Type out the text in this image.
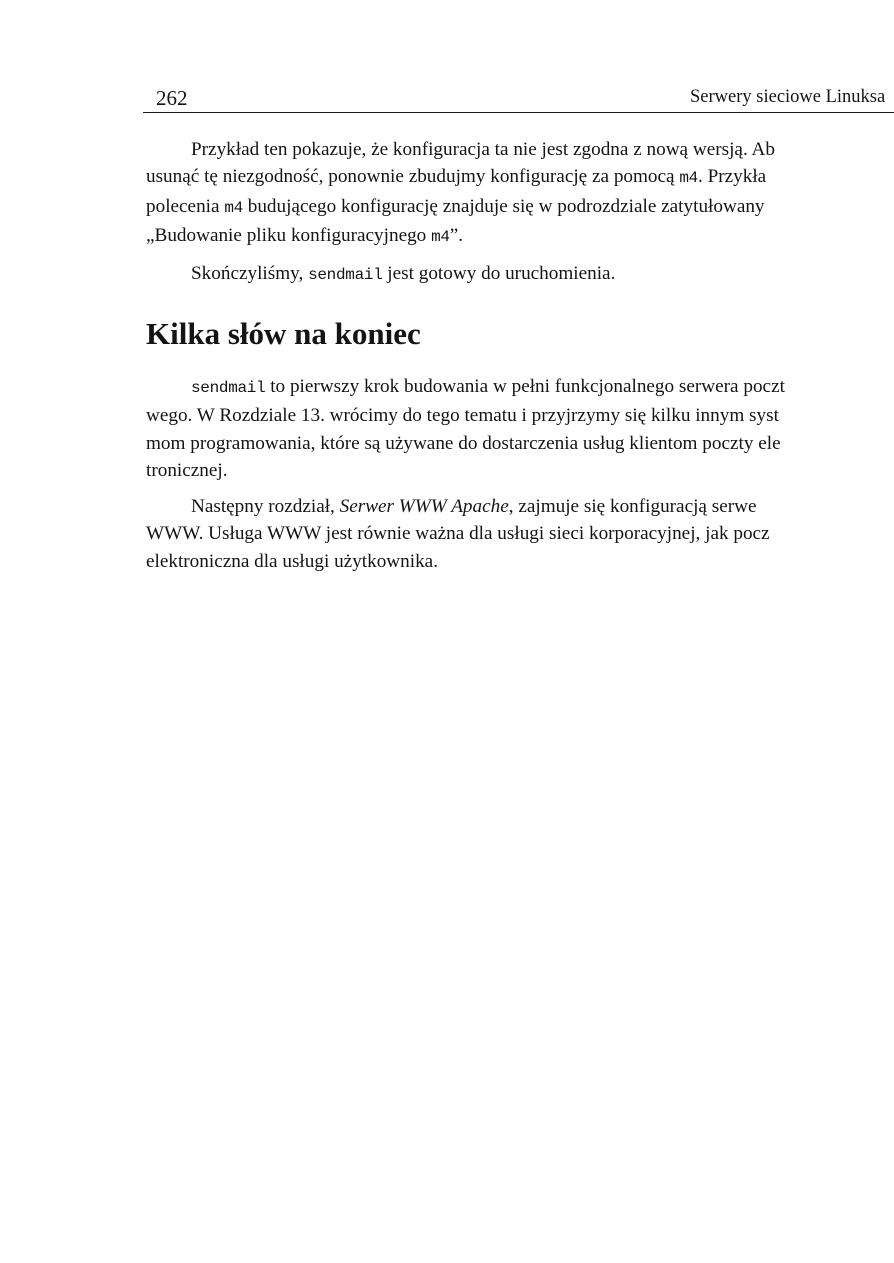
262	Serwery sieciowe Linuksa
Przykład ten pokazuje, że konfiguracja ta nie jest zgodna z nową wersją. Ab
usunąć tę niezgodność, ponownie zbudujmy konfigurację za pomocą m4. Przykła
polecenia m4 budującego konfigurację znajduje się w podrozdziale zatytułowany
„Budowanie pliku konfiguracyjnego m4”.
Skończyliśmy, sendmail jest gotowy do uruchomienia.
Kilka słów na koniec
sendmail to pierwszy krok budowania w pełni funkcjonalnego serwera poczt
wego. W Rozdziale 13. wrócimy do tego tematu i przyjrzymy się kilku innym syst
mom programowania, które są używane do dostarczenia usług klientom poczty ele
tronicznej.
Następny rozdział, Serwer WWW Apache, zajmuje się konfiguracją serwe
WWW. Usługa WWW jest równie ważna dla usługi sieci korporacyjnej, jak pocz
elektroniczna dla usługi użytkownika.
